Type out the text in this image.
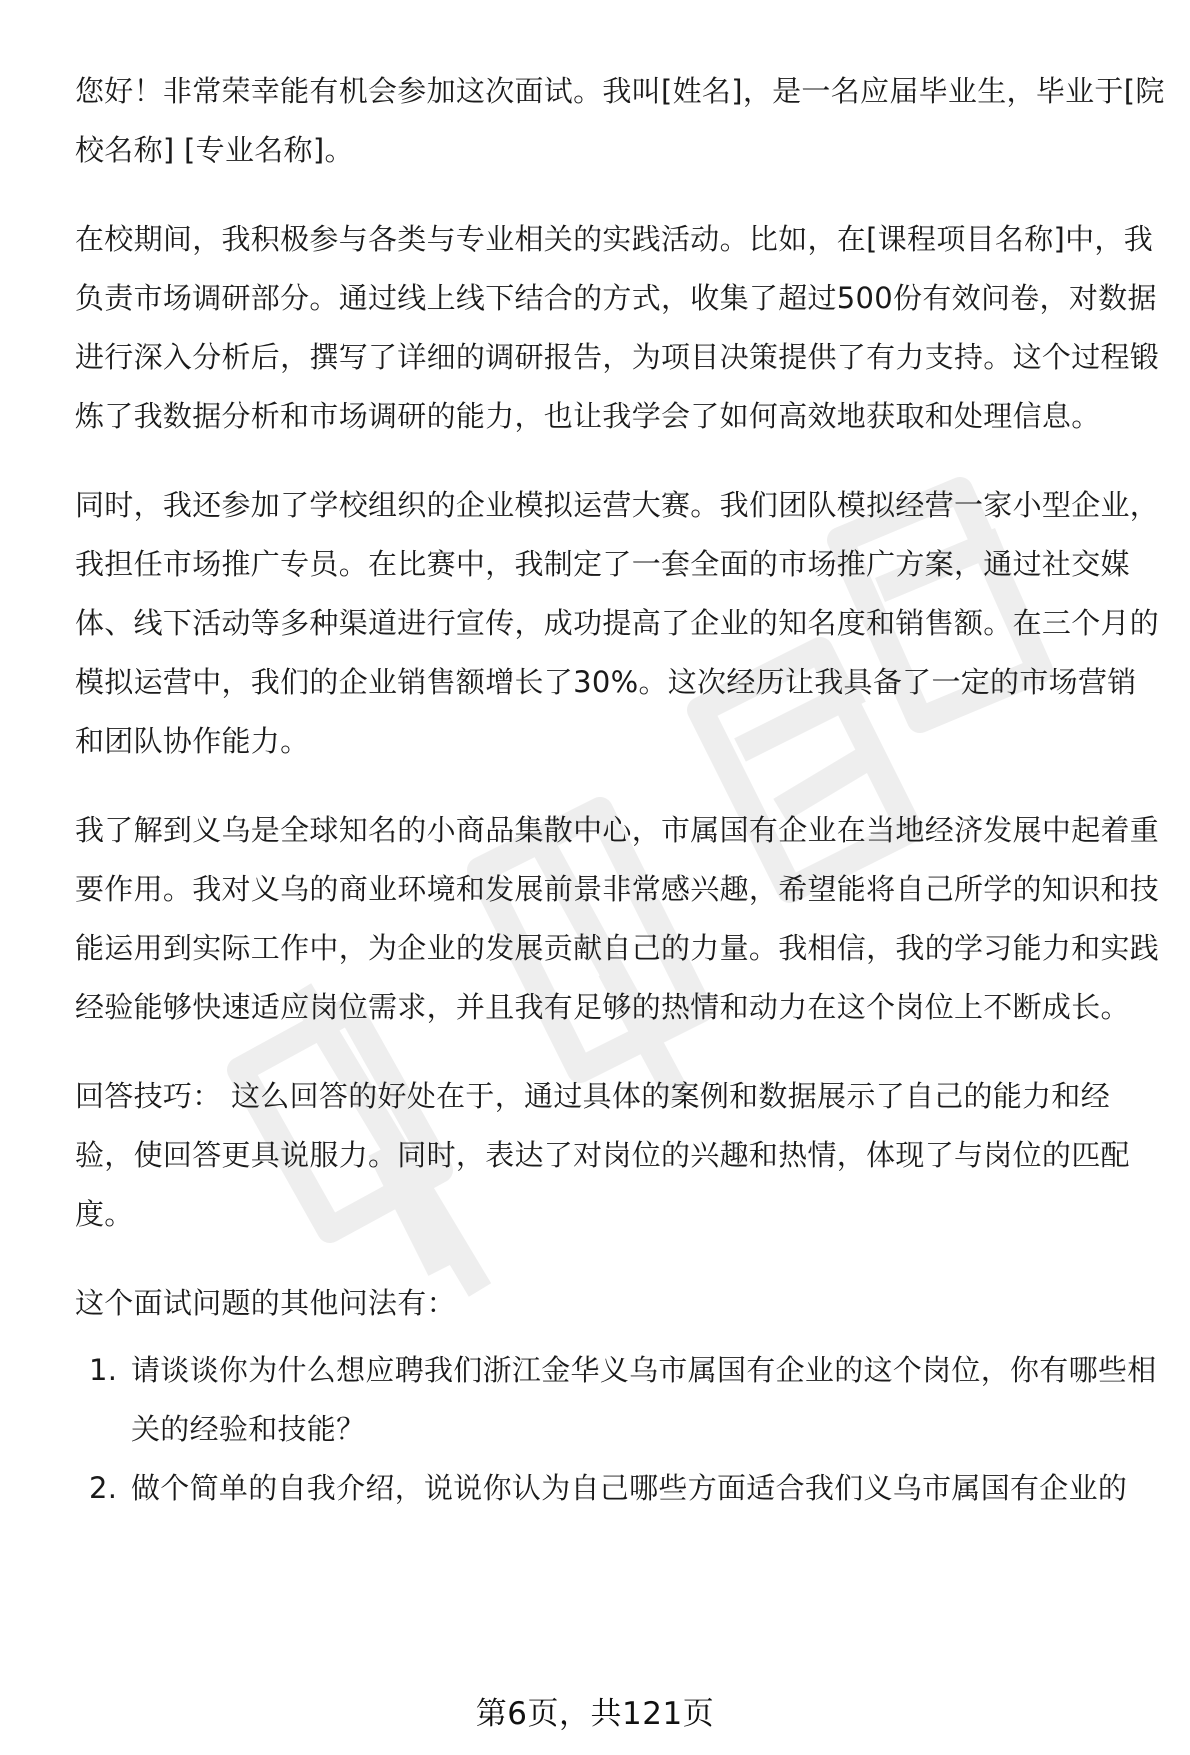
您好！非常荣幸能有机会参加这次面试。我叫[姓名]，是一名应届毕业生，毕业于[院校名称] [专业名称]。

在校期间，我积极参与各类与专业相关的实践活动。比如，在[课程项目名称]中，我负责市场调研部分。通过线上线下结合的方式，收集了超过500份有效问卷，对数据进行深入分析后，撰写了详细的调研报告，为项目决策提供了有力支持。这个过程锻炼了我数据分析和市场调研的能力，也让我学会了如何高效地获取和处理信息。

同时，我还参加了学校组织的企业模拟运营大赛。我们团队模拟经营一家小型企业，我担任市场推广专员。在比赛中，我制定了一套全面的市场推广方案，通过社交媒体、线下活动等多种渠道进行宣传，成功提高了企业的知名度和销售额。在三个月的模拟运营中，我们的企业销售额增长了30%。这次经历让我具备了一定的市场营销和团队协作能力。

我了解到义乌是全球知名的小商品集散中心，市属国有企业在当地经济发展中起着重要作用。我对义乌的商业环境和发展前景非常感兴趣，希望能将自己所学的知识和技能运用到实际工作中，为企业的发展贡献自己的力量。我相信，我的学习能力和实践经验能够快速适应岗位需求，并且我有足够的热情和动力在这个岗位上不断成长。

回答技巧： 这么回答的好处在于，通过具体的案例和数据展示了自己的能力和经验，使回答更具说服力。同时，表达了对岗位的兴趣和热情，体现了与岗位的匹配度。

这个面试问题的其他问法有：

1. 请谈谈你为什么想应聘我们浙江金华义乌市属国有企业的这个岗位，你有哪些相关的经验和技能？
2. 做个简单的自我介绍，说说你认为自己哪些方面适合我们义乌市属国有企业的
第6页，共121页
